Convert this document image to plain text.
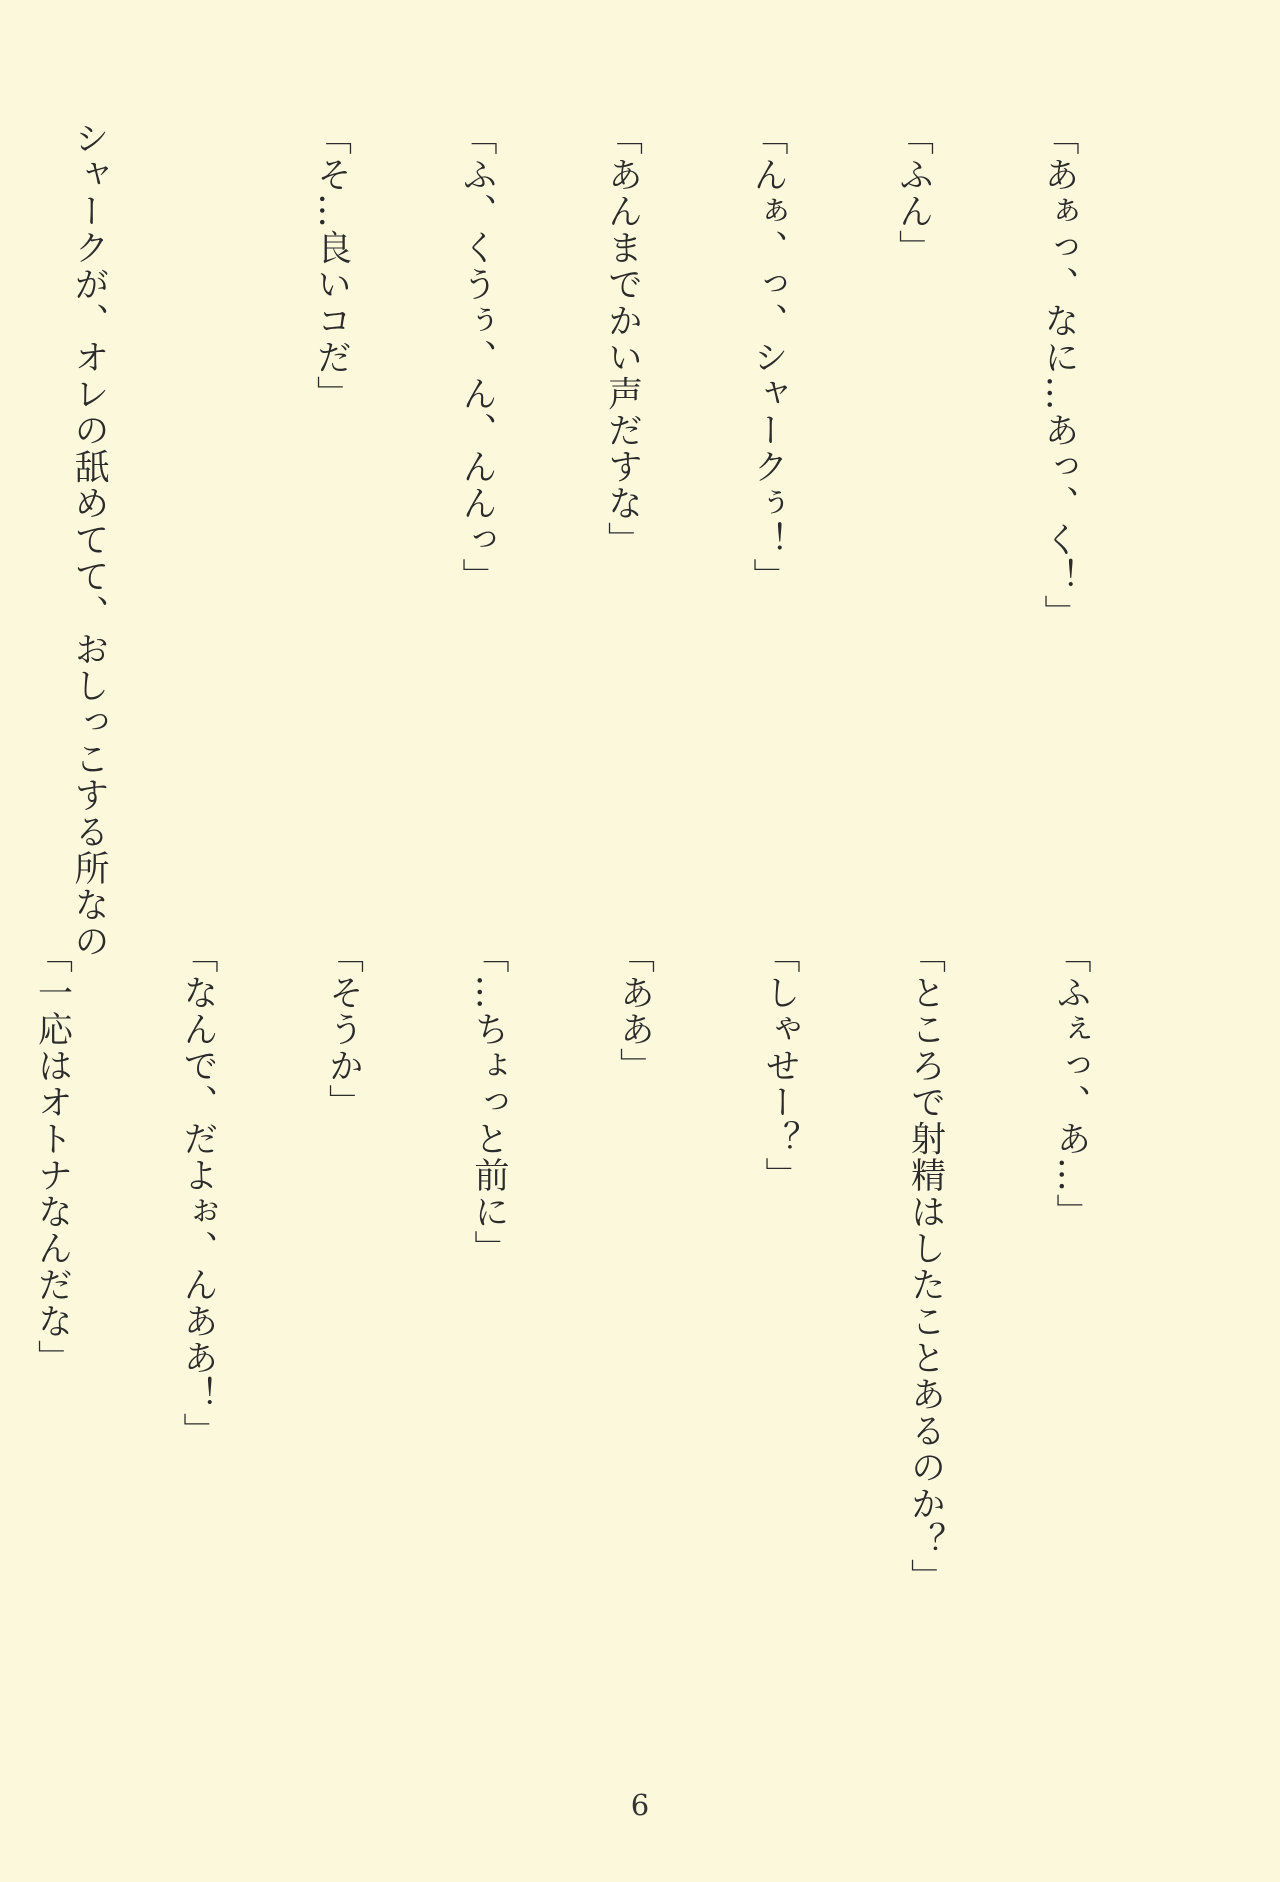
「あぁっ、なに…あっ、く！」

「ふん」

「んぁ、っ、シャークぅ！」

「あんまでかい声だすな」

「ふ、くうぅ、ん、んんっ」

「そ…良いコだ」

シャークが、オレの舐めてて、おしっこする所なの

「ふぇっ、あ…」

「ところで射精はしたことあるのか？」

「しゃせー？」

「ああ」

「…ちょっと前に」

「そうか」

「なんで、だよぉ、んああ！」

「一応はオトナなんだな」

6
